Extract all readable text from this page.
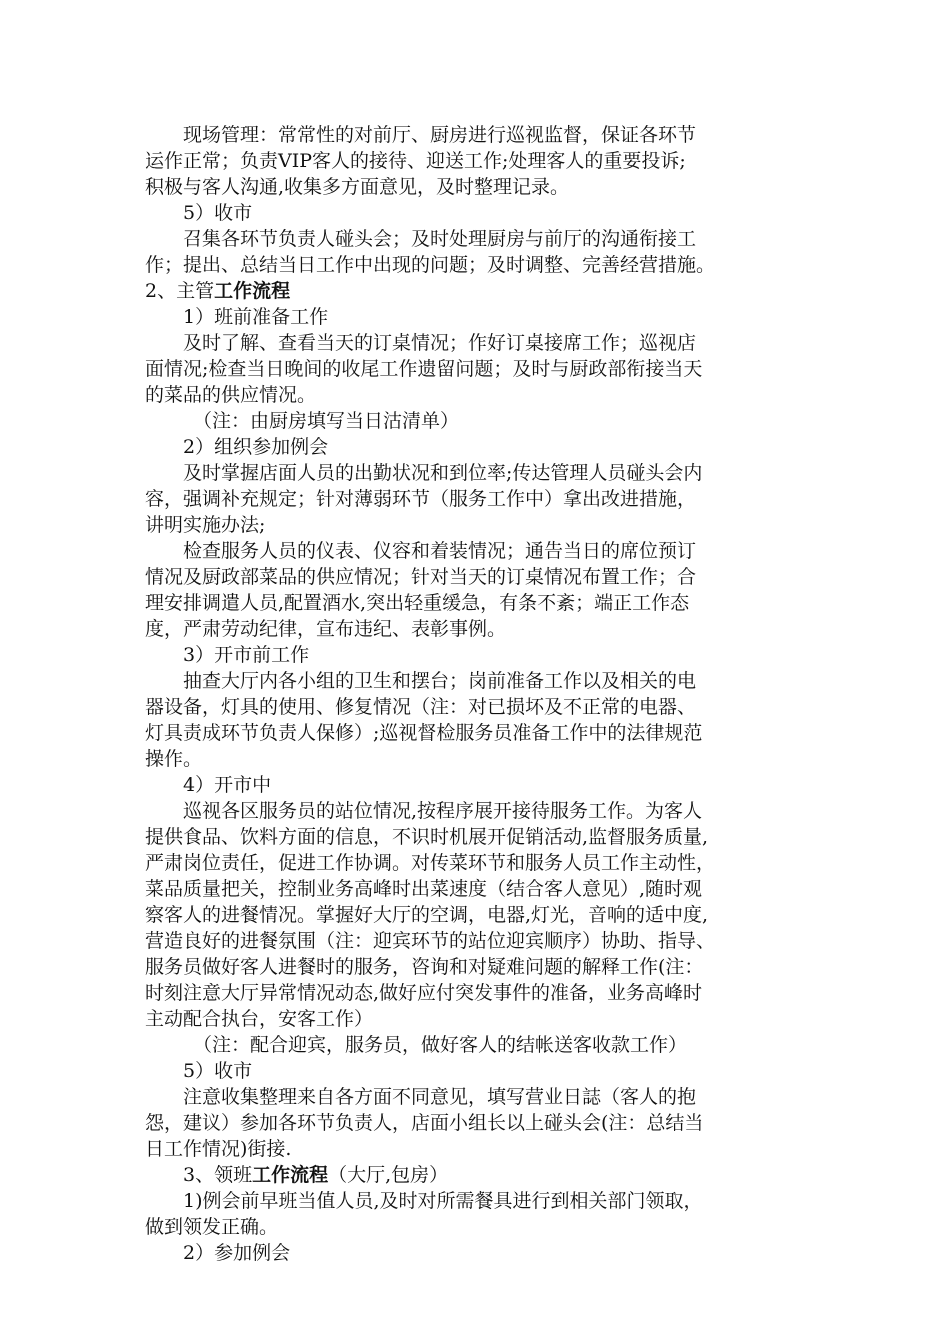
现场管理：常常性的对前厅、厨房进行巡视监督，保证各环节
运作正常；负责VIP客人的接待、迎送工作;处理客人的重要投诉;
积极与客人沟通,收集多方面意见，及时整理记录。
5）收市
召集各环节负责人碰头会；及时处理厨房与前厅的沟通衔接工
作；提出、总结当日工作中出现的问题；及时调整、完善经营措施。
2、主管工作流程
1）班前准备工作
及时了解、查看当天的订桌情况；作好订桌接席工作；巡视店
面情况;检查当日晚间的收尾工作遗留问题；及时与厨政部衔接当天
的菜品的供应情况。
（注：由厨房填写当日沽清单）
2）组织参加例会
及时掌握店面人员的出勤状况和到位率;传达管理人员碰头会内
容，强调补充规定；针对薄弱环节（服务工作中）拿出改进措施，
讲明实施办法;
检查服务人员的仪表、仪容和着装情况；通告当日的席位预订
情况及厨政部菜品的供应情况；针对当天的订桌情况布置工作；合
理安排调遣人员,配置酒水,突出轻重缓急，有条不紊；端正工作态
度，严肃劳动纪律，宣布违纪、表彰事例。
3）开市前工作
抽查大厅内各小组的卫生和摆台；岗前准备工作以及相关的电
器设备，灯具的使用、修复情况（注：对已损坏及不正常的电器、
灯具责成环节负责人保修）;巡视督检服务员准备工作中的法律规范
操作。
4）开市中
巡视各区服务员的站位情况,按程序展开接待服务工作。为客人
提供食品、饮料方面的信息，不识时机展开促销活动,监督服务质量,
严肃岗位责任，促进工作协调。对传菜环节和服务人员工作主动性，
菜品质量把关，控制业务高峰时出菜速度（结合客人意见）,随时观
察客人的进餐情况。掌握好大厅的空调，电器,灯光，音响的适中度,
营造良好的进餐氛围（注：迎宾环节的站位迎宾顺序）协助、指导、
服务员做好客人进餐时的服务，咨询和对疑难问题的解释工作(注：
时刻注意大厅异常情况动态,做好应付突发事件的准备，业务高峰时
主动配合执台，安客工作）
（注：配合迎宾，服务员，做好客人的结帐送客收款工作）
5）收市
注意收集整理来自各方面不同意见，填写营业日誌（客人的抱
怨，建议）参加各环节负责人，店面小组长以上碰头会(注：总结当
日工作情况)街接.
3、领班工作流程（大厅,包房）
1)例会前早班当值人员,及时对所需餐具进行到相关部门领取，
做到领发正确。
2）参加例会
